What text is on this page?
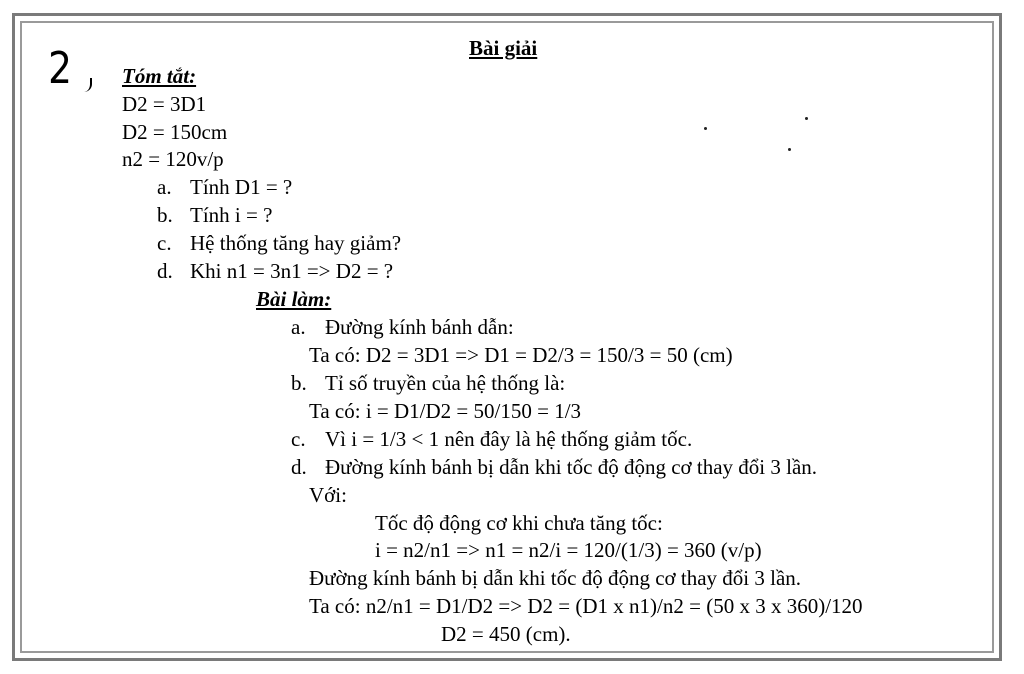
2	Bài giải
Tóm tắt:
D2 = 3D1
D2 = 150cm
n2 = 120v/p
a. Tính D1 = ?
b. Tính i = ?
c. Hệ thống tăng hay giảm?
d. Khi n1 = 3n1 => D2 = ?
Bài làm:
a. Đường kính bánh dẫn:
Ta có: D2 = 3D1 => D1 = D2/3 = 150/3 = 50 (cm)
b. Tỉ số truyền của hệ thống là:
Ta có: i = D1/D2 = 50/150 = 1/3
c. Vì i = 1/3 < 1 nên đây là hệ thống giảm tốc.
d. Đường kính bánh bị dẫn khi tốc độ động cơ thay đổi 3 lần.
Với:
Tốc độ động cơ khi chưa tăng tốc:
i = n2/n1 => n1 = n2/i = 120/(1/3) = 360 (v/p)
Đường kính bánh bị dẫn khi tốc độ động cơ thay đổi 3 lần.
Ta có: n2/n1 = D1/D2 => D2 = (D1 x n1)/n2 = (50 x 3 x 360)/120
D2 = 450 (cm).
